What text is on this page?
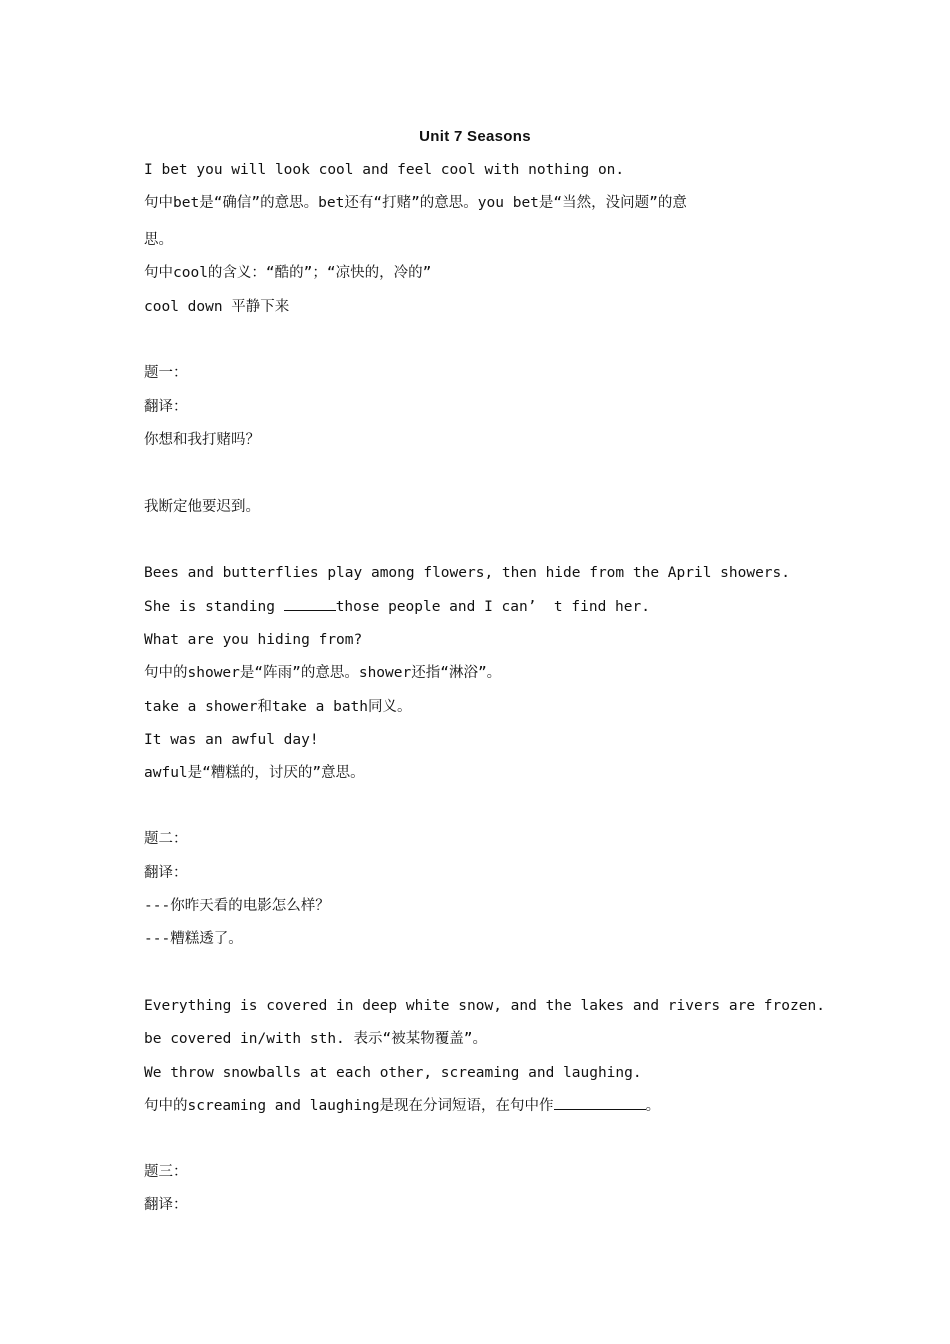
Unit 7 Seasons
I bet you will look cool and feel cool with nothing on.
句中bet是“确信”的意思。bet还有“打赌”的意思。you bet是“当然，没问题”的意
思。
句中cool的含义：“酷的”；“凉快的，冷的”
cool down 平静下来
题一：
翻译：
你想和我打赌吗？
我断定他要迟到。
Bees and butterflies play among flowers, then hide from the April showers.
She is standing	those people and I can’  t find her.
What are you hiding from?
句中的shower是“阵雨”的意思。shower还指“淋浴”。
take a shower和take a bath同义。
It was an awful day!
awful是“糟糕的，讨厌的”意思。
题二：
翻译：
---你昨天看的电影怎么样？
---糟糕透了。
Everything is covered in deep white snow, and the lakes and rivers are frozen.
be covered in/with sth. 表示“被某物覆盖”。
We throw snowballs at each other, screaming and laughing.
句中的screaming and laughing是现在分词短语，在句中作	。
题三：
翻译：
